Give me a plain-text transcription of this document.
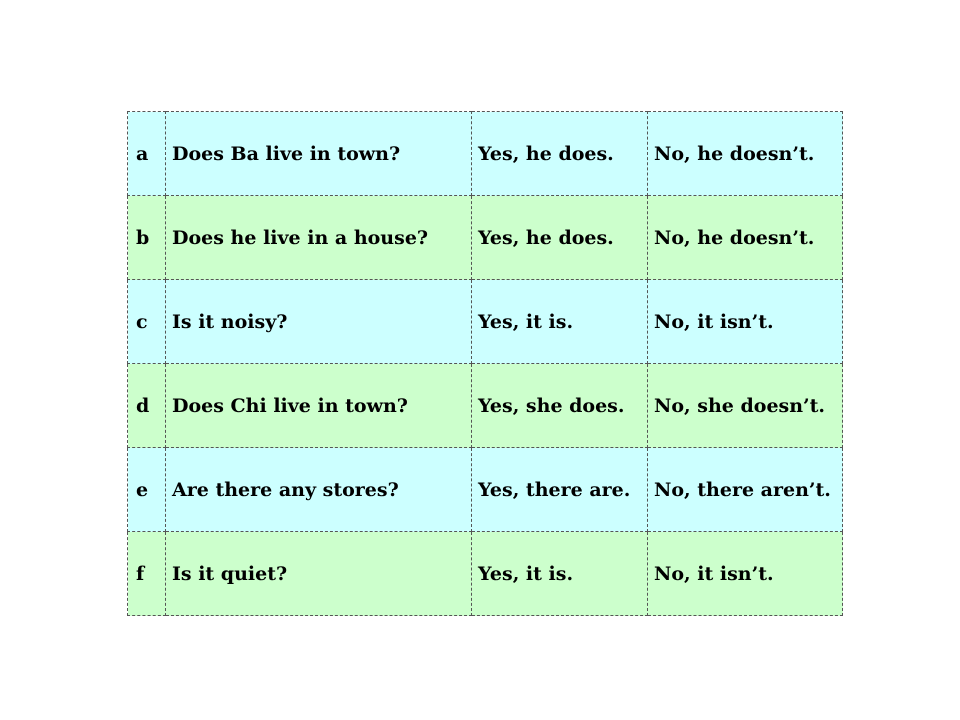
a	Does Ba live in town?	Yes, he does.	No, he doesn’t.
b	Does he live in a house?	Yes, he does.	No, he doesn’t.
c	Is it noisy?	Yes, it is.	No, it isn’t.
d	Does Chi live in town?	Yes, she does.	No, she doesn’t.
e	Are there any stores?	Yes, there are.	No, there aren’t.
f	Is it quiet?	Yes, it is.	No, it isn’t.
